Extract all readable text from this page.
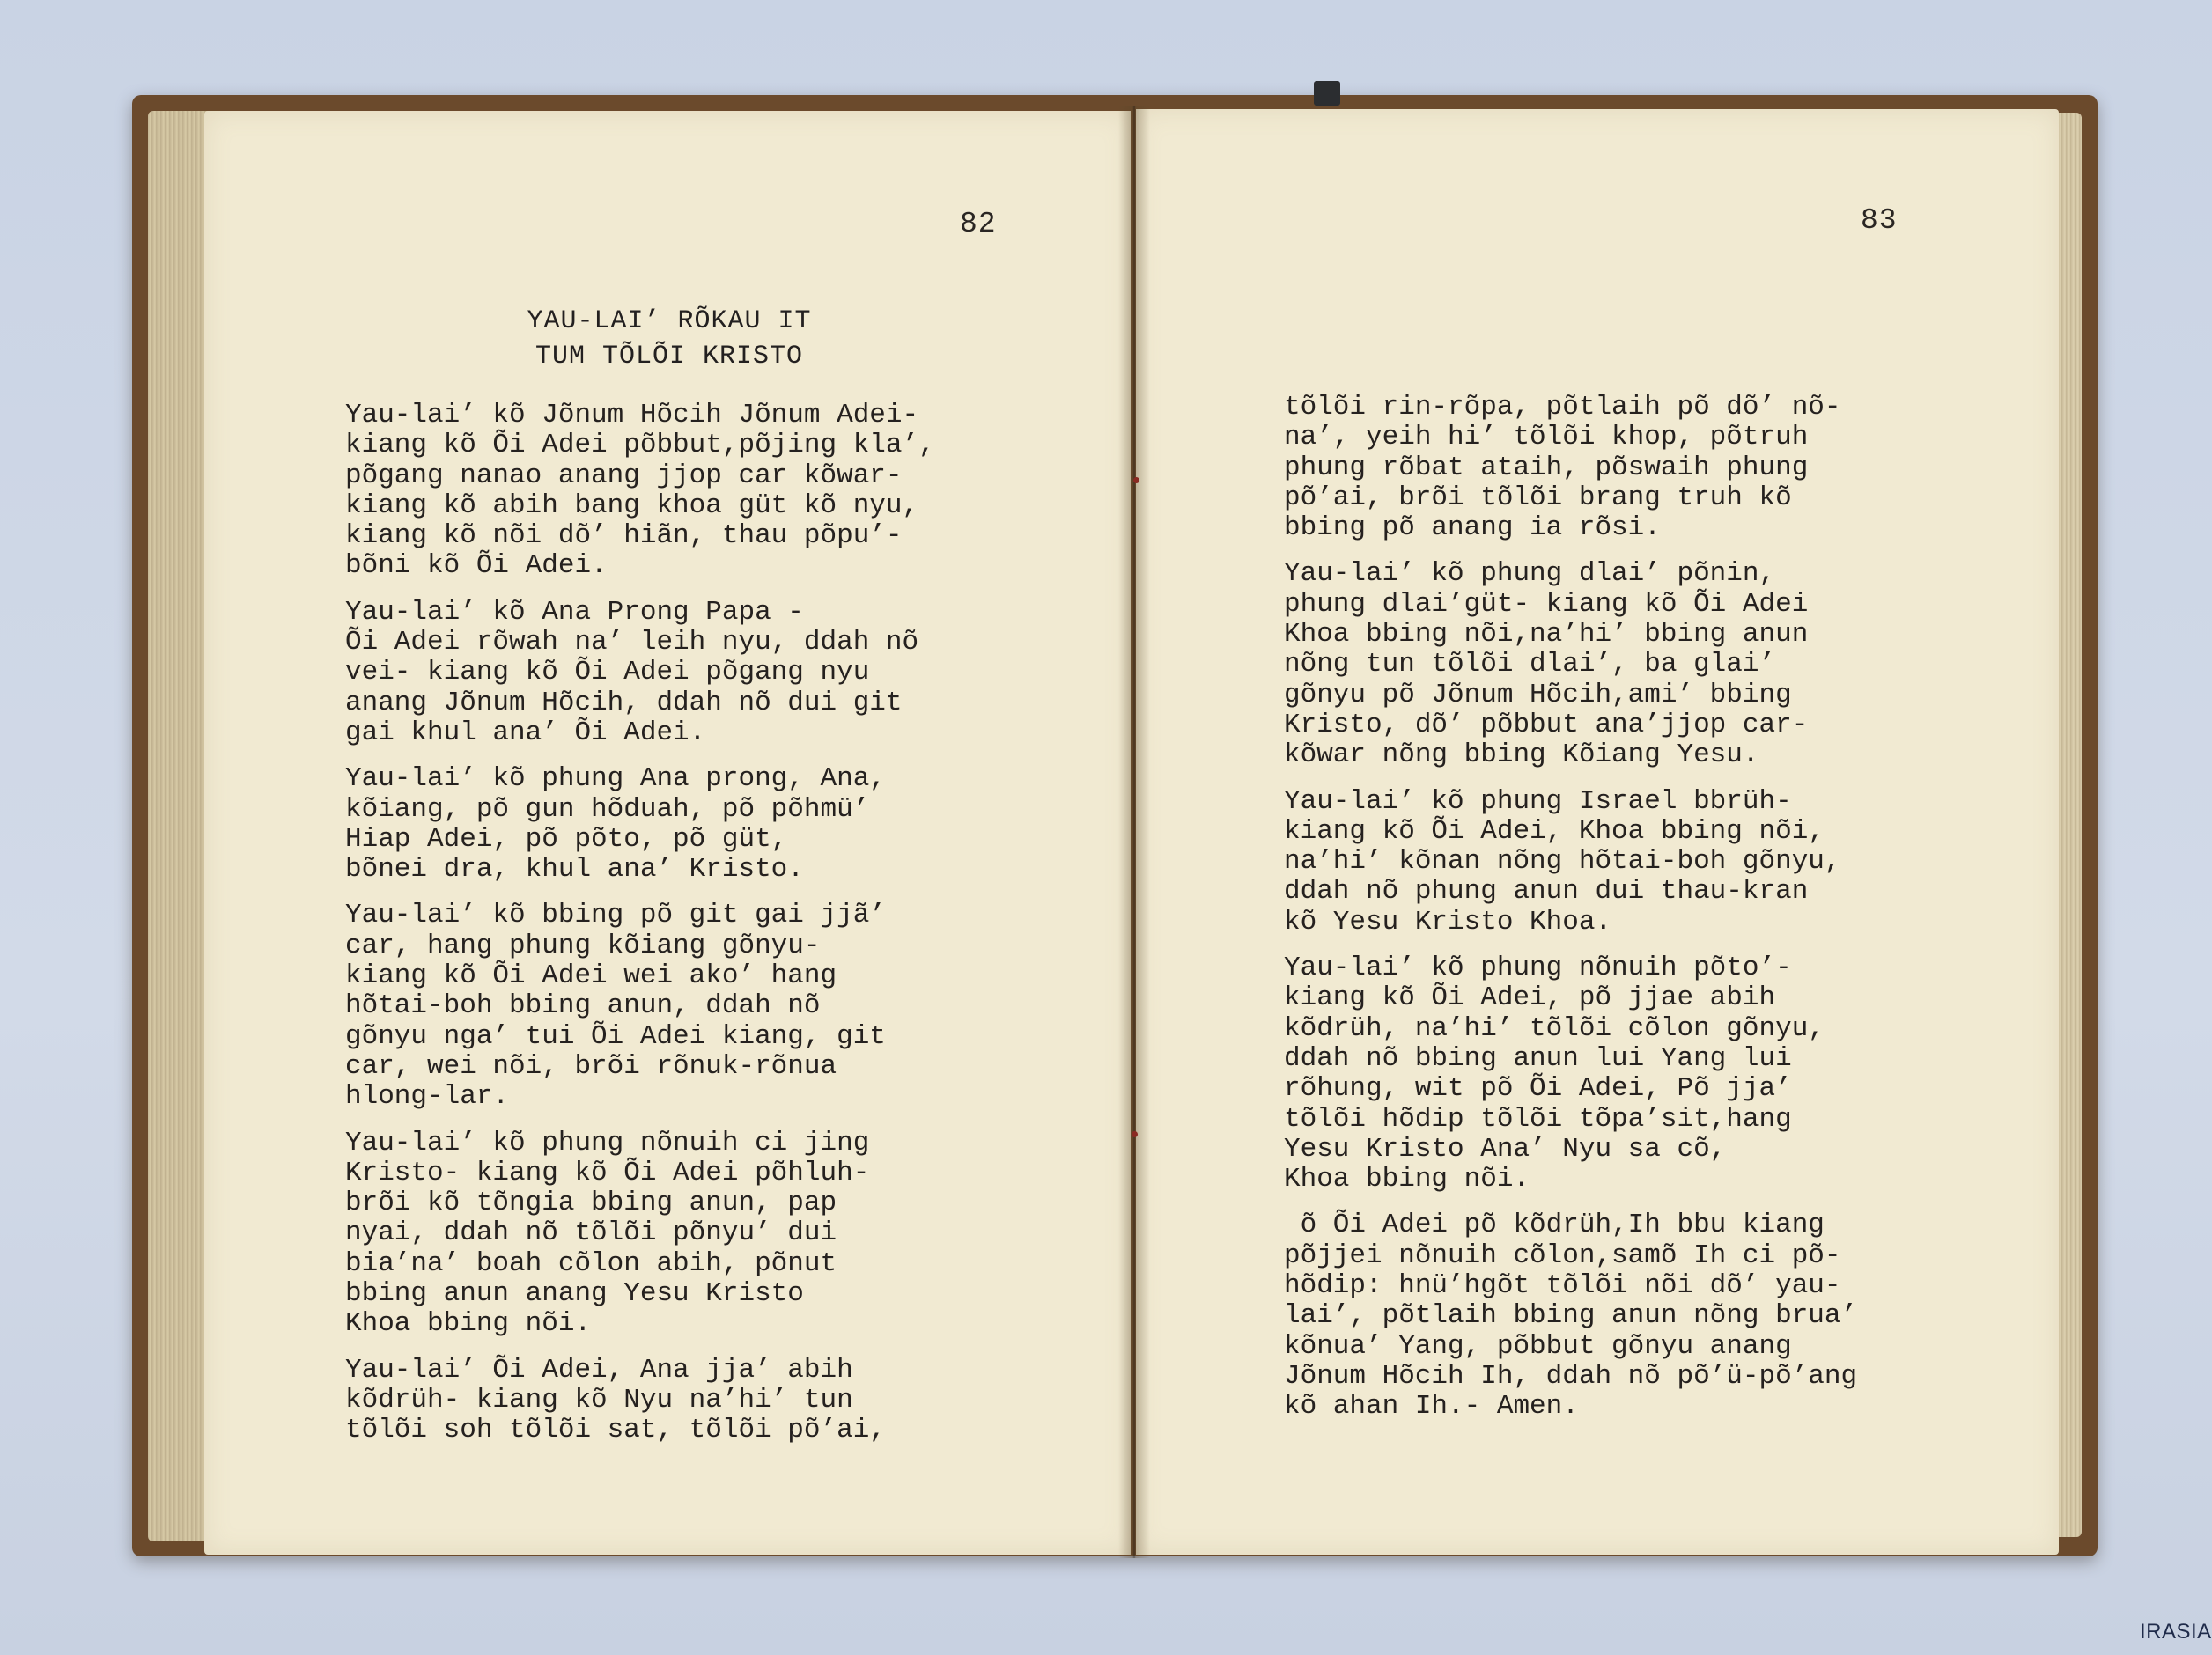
82
YAU-LAI’ RÕKAU IT
TUM TÕLÕI KRISTO
Yau-lai’ kõ Jõnum Hõcih Jõnum Adei-
kiang kõ Õi Adei põbbut,põjing kla’,
põgang nanao anang jjop car kõwar-
kiang kõ abih bang khoa güt kõ nyu,
kiang kõ nõi dõ’ hiãn, thau põpu’-
bõni kõ Õi Adei.
Yau-lai’ kõ Ana Prong Papa -
Õi Adei rõwah na’ leih nyu, ddah nõ
vei- kiang kõ Õi Adei põgang nyu
anang Jõnum Hõcih, ddah nõ dui git
gai khul ana’ Õi Adei.
Yau-lai’ kõ phung Ana prong, Ana,
kõiang, põ gun hõduah, põ põhmü’
Hiap Adei, põ põto, põ güt,
bõnei dra, khul ana’ Kristo.
Yau-lai’ kõ bbing põ git gai jjã’
car, hang phung kõiang gõnyu-
kiang kõ Õi Adei wei ako’ hang
hõtai-boh bbing anun, ddah nõ
gõnyu nga’ tui Õi Adei kiang, git
car, wei nõi, brõi rõnuk-rõnua
hlong-lar.
Yau-lai’ kõ phung nõnuih ci jing
Kristo- kiang kõ Õi Adei põhluh-
brõi kõ tõngia bbing anun, pap
nyai, ddah nõ tõlõi põnyu’ dui
bia’na’ boah cõlon abih, põnut
bbing anun anang Yesu Kristo
Khoa bbing nõi.
Yau-lai’ Õi Adei, Ana jja’ abih
kõdrüh- kiang kõ Nyu na’hi’ tun
tõlõi soh tõlõi sat, tõlõi põ’ai,
83
tõlõi rin-rõpa, põtlaih põ dõ’ nõ-
na’, yeih hi’ tõlõi khop, põtruh
phung rõbat ataih, põswaih phung
põ’ai, brõi tõlõi brang truh kõ
bbing põ anang ia rõsi.
Yau-lai’ kõ phung dlai’ põnin,
phung dlai’güt- kiang kõ Õi Adei
Khoa bbing nõi,na’hi’ bbing anun
nõng tun tõlõi dlai’, ba glai’
gõnyu põ Jõnum Hõcih,ami’ bbing
Kristo, dõ’ põbbut ana’jjop car-
kõwar nõng bbing Kõiang Yesu.
Yau-lai’ kõ phung Israel bbrüh-
kiang kõ Õi Adei, Khoa bbing nõi,
na’hi’ kõnan nõng hõtai-boh gõnyu,
ddah nõ phung anun dui thau-kran
kõ Yesu Kristo Khoa.
Yau-lai’ kõ phung nõnuih põto’-
kiang kõ Õi Adei, põ jjae abih
kõdrüh, na’hi’ tõlõi cõlon gõnyu,
ddah nõ bbing anun lui Yang lui
rõhung, wit põ Õi Adei, Põ jja’
tõlõi hõdip tõlõi tõpa’sit,hang
Yesu Kristo Ana’ Nyu sa cõ,
Khoa bbing nõi.
õ Õi Adei põ kõdrüh,Ih bbu kiang
põjjei nõnuih cõlon,samõ Ih ci põ-
hõdip: hnü’hgõt tõlõi nõi dõ’ yau-
lai’, põtlaih bbing anun nõng brua’
kõnua’ Yang, põbbut gõnyu anang
Jõnum Hõcih Ih, ddah nõ põ’ü-põ’ang
kõ ahan Ih.- Amen.
IRASIA
